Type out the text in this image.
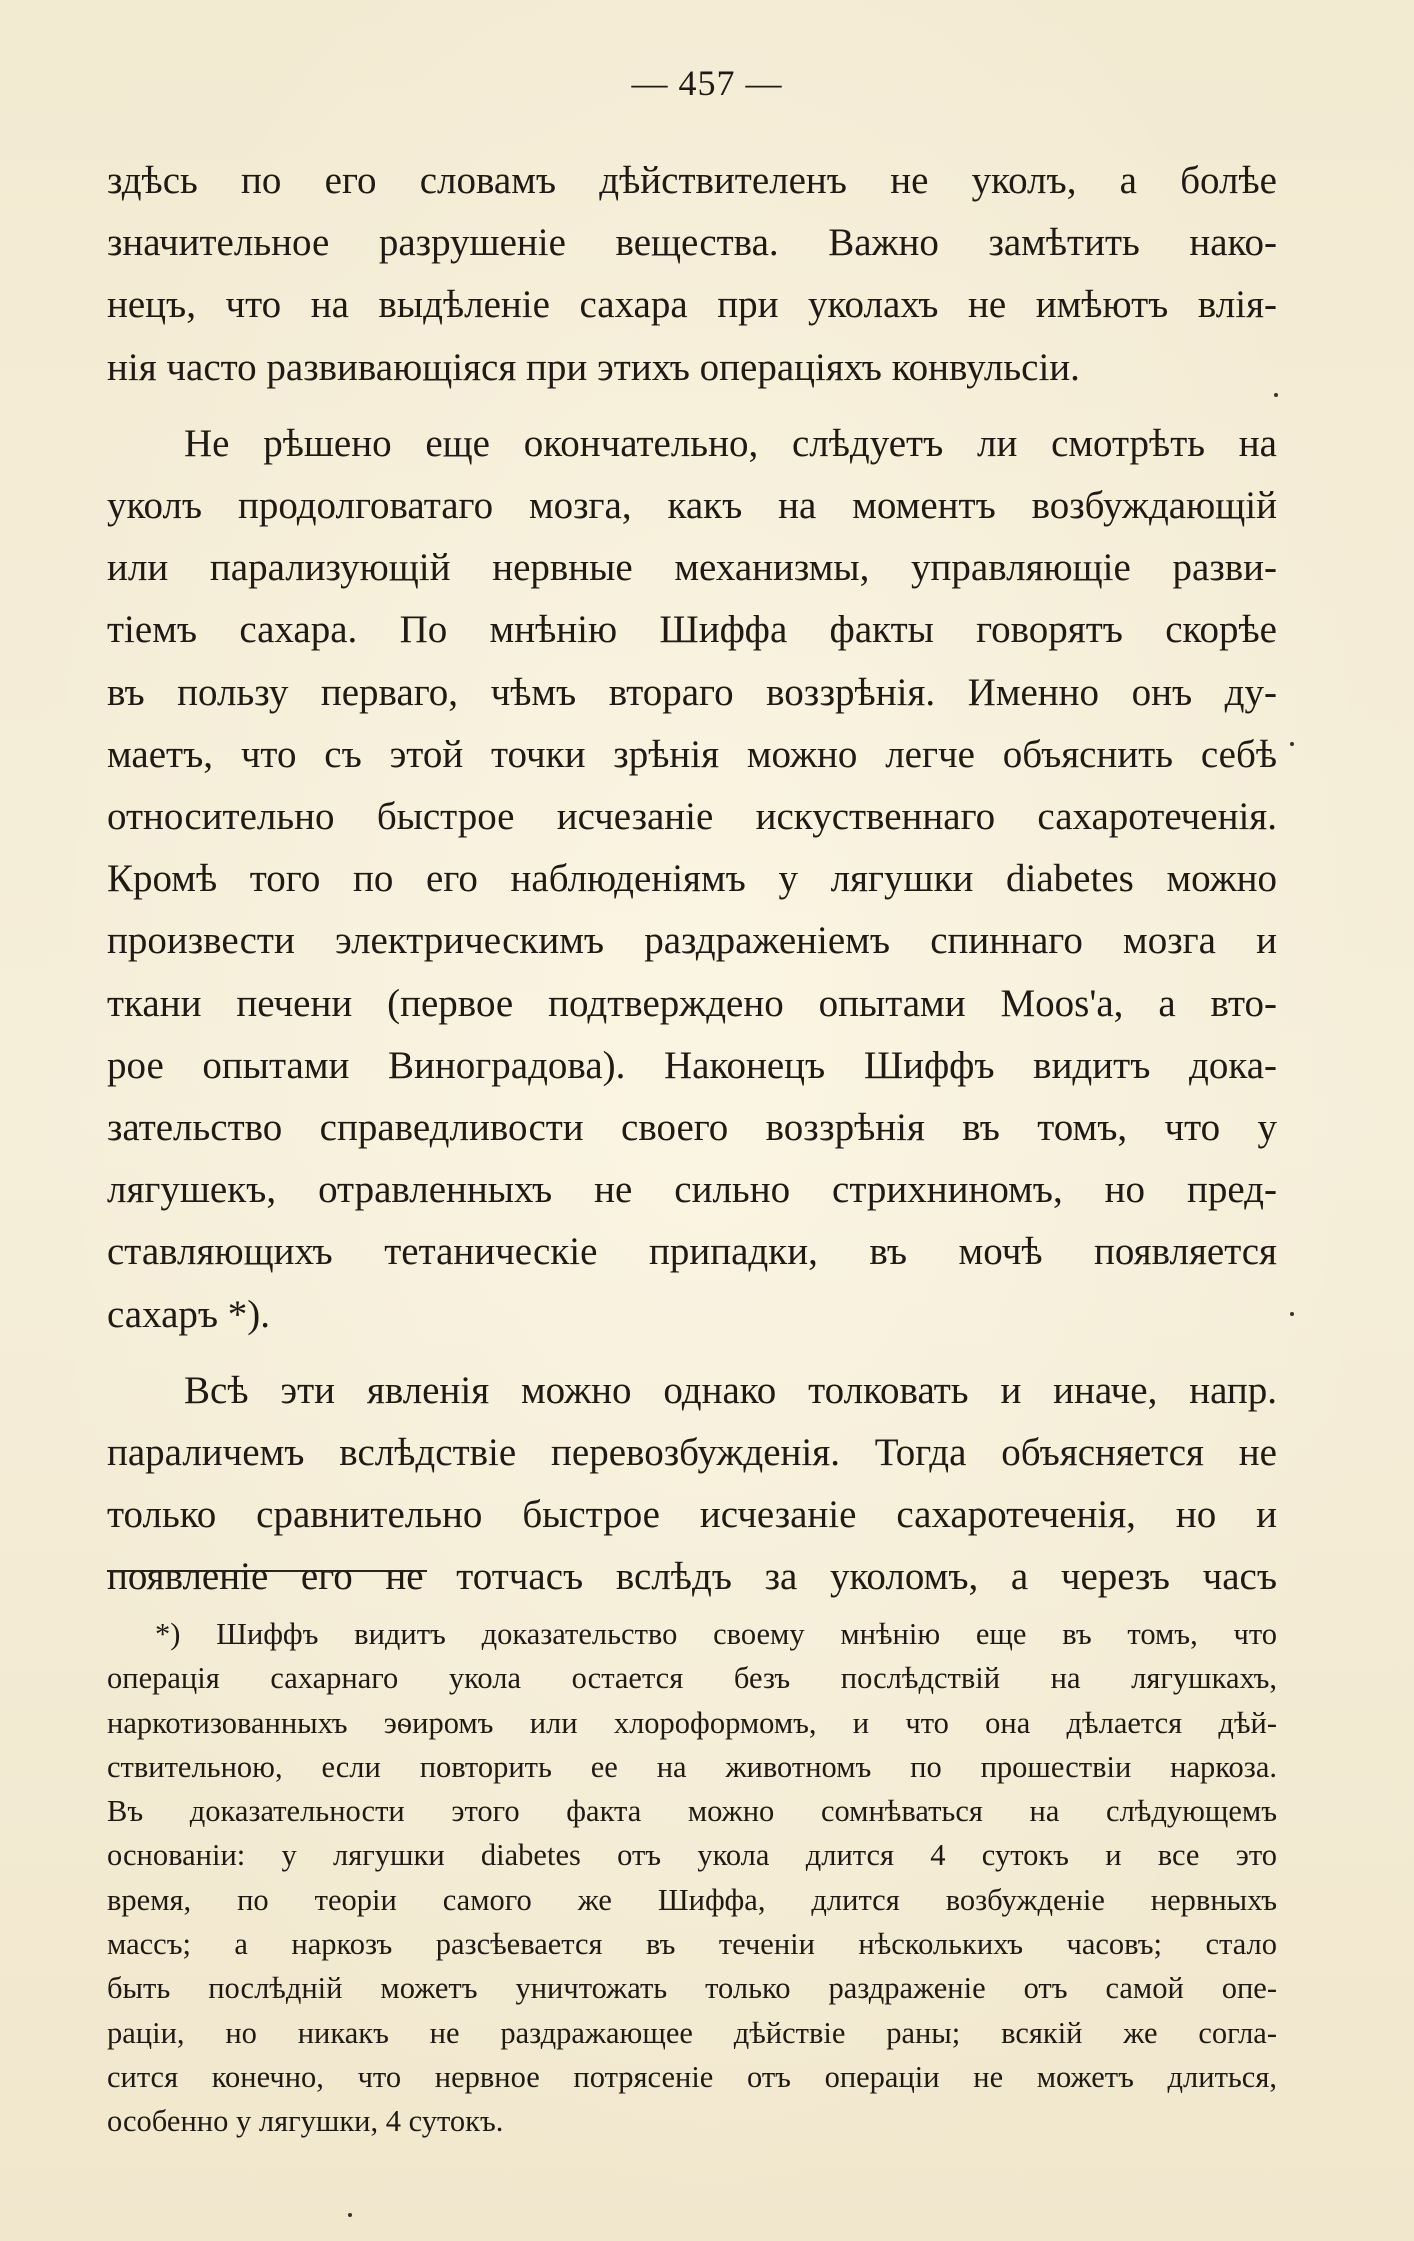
— 457 —

здѣсь по его словамъ дѣйствителенъ не уколъ, а болѣе
значительное разрушеніе вещества. Важно замѣтить нако-
нецъ, что на выдѣленіе сахара при уколахъ не имѣютъ влія-
нія часто развивающіяся при этихъ операціяхъ конвульсіи.

Не рѣшено еще окончательно, слѣдуетъ ли смотрѣть на
уколъ продолговатаго мозга, какъ на моментъ возбуждающій
или парализующій нервные механизмы, управляющіе разви-
тіемъ сахара. По мнѣнію Шиффа факты говорятъ скорѣе
въ пользу перваго, чѣмъ втораго воззрѣнія. Именно онъ ду-
маетъ, что съ этой точки зрѣнія можно легче объяснить себѣ
относительно быстрое исчезаніе искуственнаго сахаротеченія.
Кромѣ того по его наблюденіямъ у лягушки diabetes можно
произвести электрическимъ раздраженіемъ спиннаго мозга и
ткани печени (первое подтверждено опытами Moos'а, а вто-
рое опытами Виноградова). Наконецъ Шиффъ видитъ дока-
зательство справедливости своего воззрѣнія въ томъ, что у
лягушекъ, отравленныхъ не сильно стрихниномъ, но пред-
ставляющихъ тетаническіе припадки, въ мочѣ появляется
сахаръ *).

Всѣ эти явленія можно однако толковать и иначе, напр.
параличемъ вслѣдствіе перевозбужденія. Тогда объясняется не
только сравнительно быстрое исчезаніе сахаротеченія, но и
появленіе его не тотчасъ вслѣдъ за уколомъ, а черезъ часъ

*) Шиффъ видитъ доказательство своему мнѣнію еще въ томъ, что
операція сахарнаго укола остается безъ послѣдствій на лягушкахъ,
наркотизованныхъ эѳиромъ или хлороформомъ, и что она дѣлается дѣй-
ствительною, если повторить ее на животномъ по прошествіи наркоза.
Въ доказательности этого факта можно сомнѣваться на слѣдующемъ
основаніи: у лягушки diabetes отъ укола длится 4 сутокъ и все это
время, по теоріи самого же Шиффа, длится возбужденіе нервныхъ
массъ; а наркозъ разсѣевается въ теченіи нѣсколькихъ часовъ; стало
быть послѣдній можетъ уничтожать только раздраженіе отъ самой опе-
раціи, но никакъ не раздражающее дѣйствіе раны; всякій же согла-
сится конечно, что нервное потрясеніе отъ операціи не можетъ длиться,
особенно у лягушки, 4 сутокъ.
